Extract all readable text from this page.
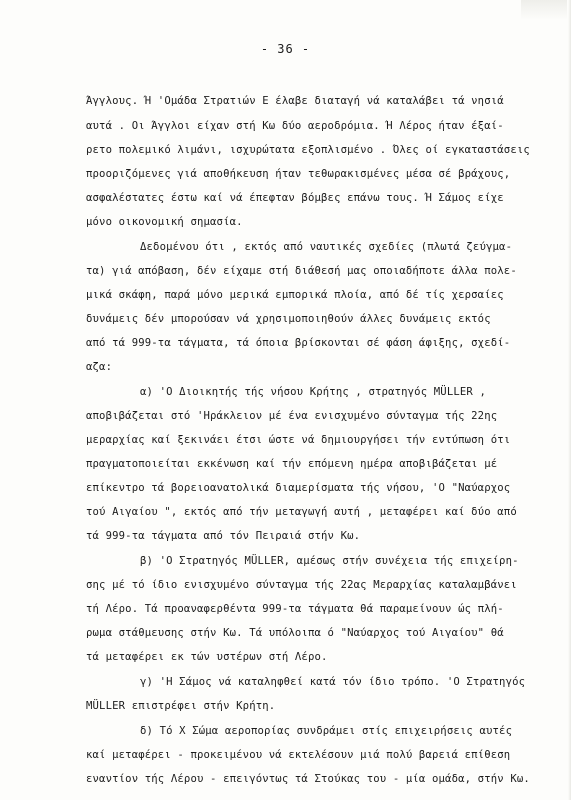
- 36 -
Άγγλους. Ή 'Ομάδα Στρατιών Ε έλαβε διαταγή νά καταλάβει τά νησιά
αυτά . Οι Άγγλοι είχαν στή Κω δύο αεροδρόμια. Ή Λέρος ήταν έξαί-
ρετο πολεμικό λιμάνι, ισχυρώτατα εξοπλισμένο . Όλες οί εγκαταστάσεις
προοριζόμενες γιά αποθήκευση ήταν τεθωρακισμένες μέσα σέ βράχους,
ασφαλέστατες έστω καί νά έπεφταν βόμβες επάνω τους. Ή Σάμος είχε
μόνο οικονομική σημασία.
Δεδομένου ότι , εκτός από ναυτικές σχεδίες (πλωτά ζεύγμα-
τα) γιά απόβαση, δέν είχαμε στή διάθεσή μας οποιαδήποτε άλλα πολε-
μικά σκάφη, παρά μόνο μερικά εμπορικά πλοία, από δέ τίς χερσαίες
δυνάμεις δέν μπορούσαν νά χρησιμοποιηθούν άλλες δυνάμεις εκτός
από τά 999-τα τάγματα, τά όποια βρίσκονται σέ φάση άφιξης, σχεδί-
αζα:
α) 'Ο Διοικητής τής νήσου Κρήτης , στρατηγός MÜLLER ,
αποβιβάζεται στό 'Ηράκλειον μέ ένα ενισχυμένο σύνταγμα τής 22ης
μεραρχίας καί ξεκινάει έτσι ώστε νά δημιουργήσει τήν εντύπωση ότι
πραγματοποιείται εκκένωση καί τήν επόμενη ημέρα αποβιβάζεται μέ
επίκεντρο τά βορειοανατολικά διαμερίσματα τής νήσου, 'Ο "Ναύαρχος
τού Αιγαίου ", εκτός από τήν μεταγωγή αυτή , μεταφέρει καί δύο από
τά 999-τα τάγματα από τόν Πειραιά στήν Κω.
β) 'Ο Στρατηγός MÜLLER, αμέσως στήν συνέχεια τής επιχείρη-
σης μέ τό ίδιο ενισχυμένο σύνταγμα τής 22ας Μεραρχίας καταλαμβάνει
τή Λέρο. Τά προαναφερθέντα 999-τα τάγματα θά παραμείνουν ώς πλή-
ρωμα στάθμευσης στήν Κω. Τά υπόλοιπα ό "Ναύαρχος τού Αιγαίου" θά
τά μεταφέρει εκ τών υστέρων στή Λέρο.
γ) 'Η Σάμος νά καταληφθεί κατά τόν ίδιο τρόπο. 'Ο Στρατηγός
MÜLLER επιστρέφει στήν Κρήτη.
δ) Τό Χ Σώμα αεροπορίας συνδράμει στίς επιχειρήσεις αυτές
καί μεταφέρει - προκειμένου νά εκτελέσουν μιά πολύ βαρειά επίθεση
εναντίον τής Λέρου - επειγόντως τά Στούκας του - μία ομάδα, στήν Κω.
